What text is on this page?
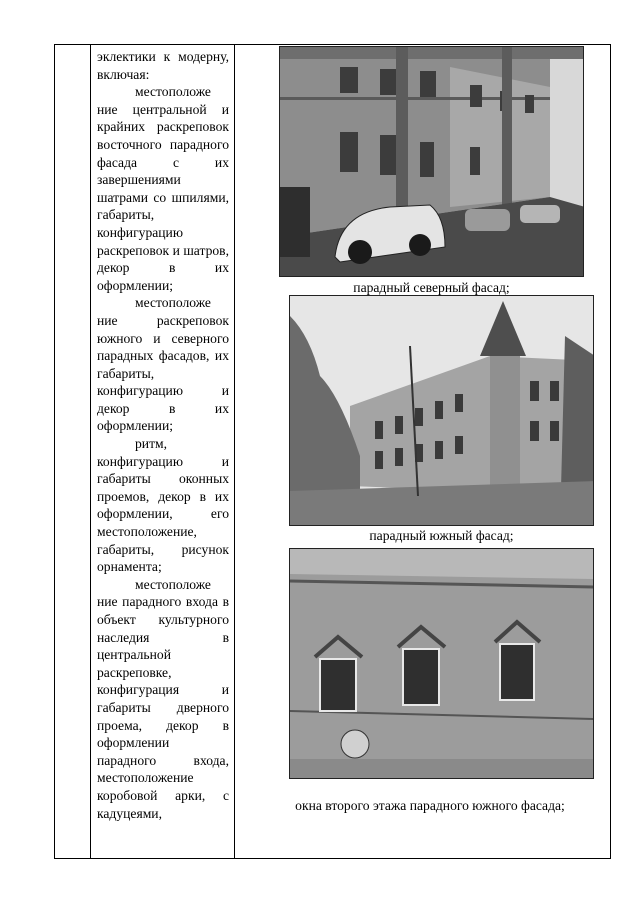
эклектики к модерну, включая:

местоположе ние центральной и крайних раскреповок восточного парадного фасада с их завершениями шатрами со шпилями, габариты, конфигурацию раскреповок и шатров, декор в их оформлении;

местоположе ние раскреповок южного и северного парадных фасадов, их габариты, конфигурацию и декор в их оформлении;

ритм, конфигурацию и габариты оконных проемов, декор в их оформлении, его местоположение, габариты, рисунок орнамента;

местоположе ние парадного входа в объект культурного наследия в центральной раскреповке, конфигурация и габариты дверного проема, декор в оформлении парадного входа, местоположение коробовой арки, с кадуцеями,

парадный северный фасад;
парадный южный фасад;
окна второго этажа парадного южного фасада;
